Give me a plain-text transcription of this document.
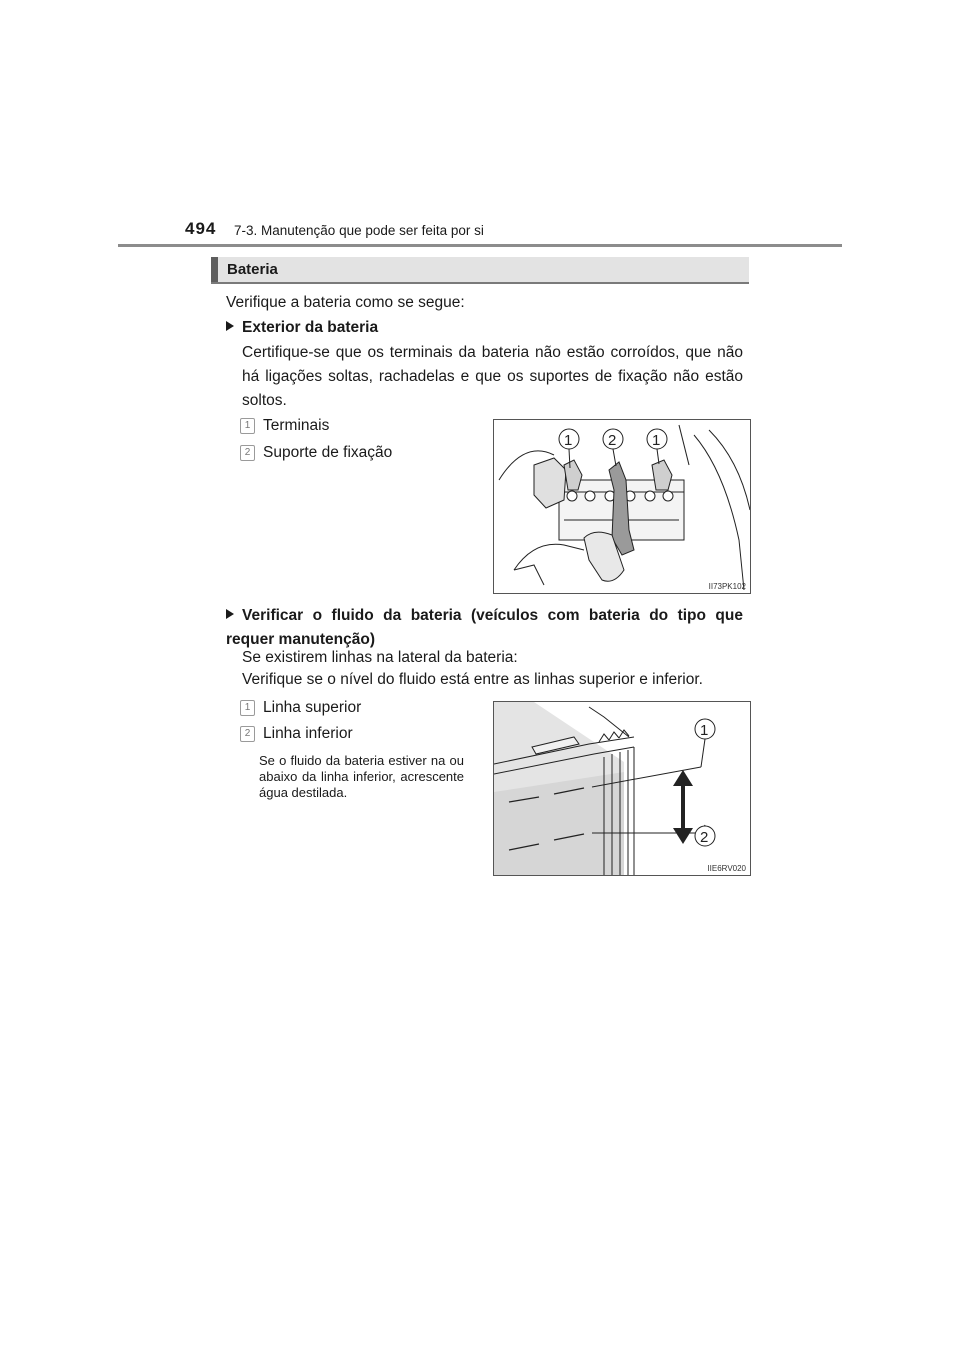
494 7-3. Manutenção que pode ser feita por si
Bateria
Verifique a bateria como se segue:
Exterior da bateria
Certifique-se que os terminais da bateria não estão corroídos, que não há ligações soltas, rachadelas e que os suportes de fixação não estão soltos.
1 Terminais
2 Suporte de fixação
1 2 1
II73PK102
Verificar o fluido da bateria (veículos com bateria do tipo que requer manutenção)
Se existirem linhas na lateral da bateria:
Verifique se o nível do fluido está entre as linhas superior e inferior.
1 Linha superior
2 Linha inferior
Se o fluido da bateria estiver na ou abaixo da linha inferior, acrescente água destilada.
1
2
IIE6RV020
